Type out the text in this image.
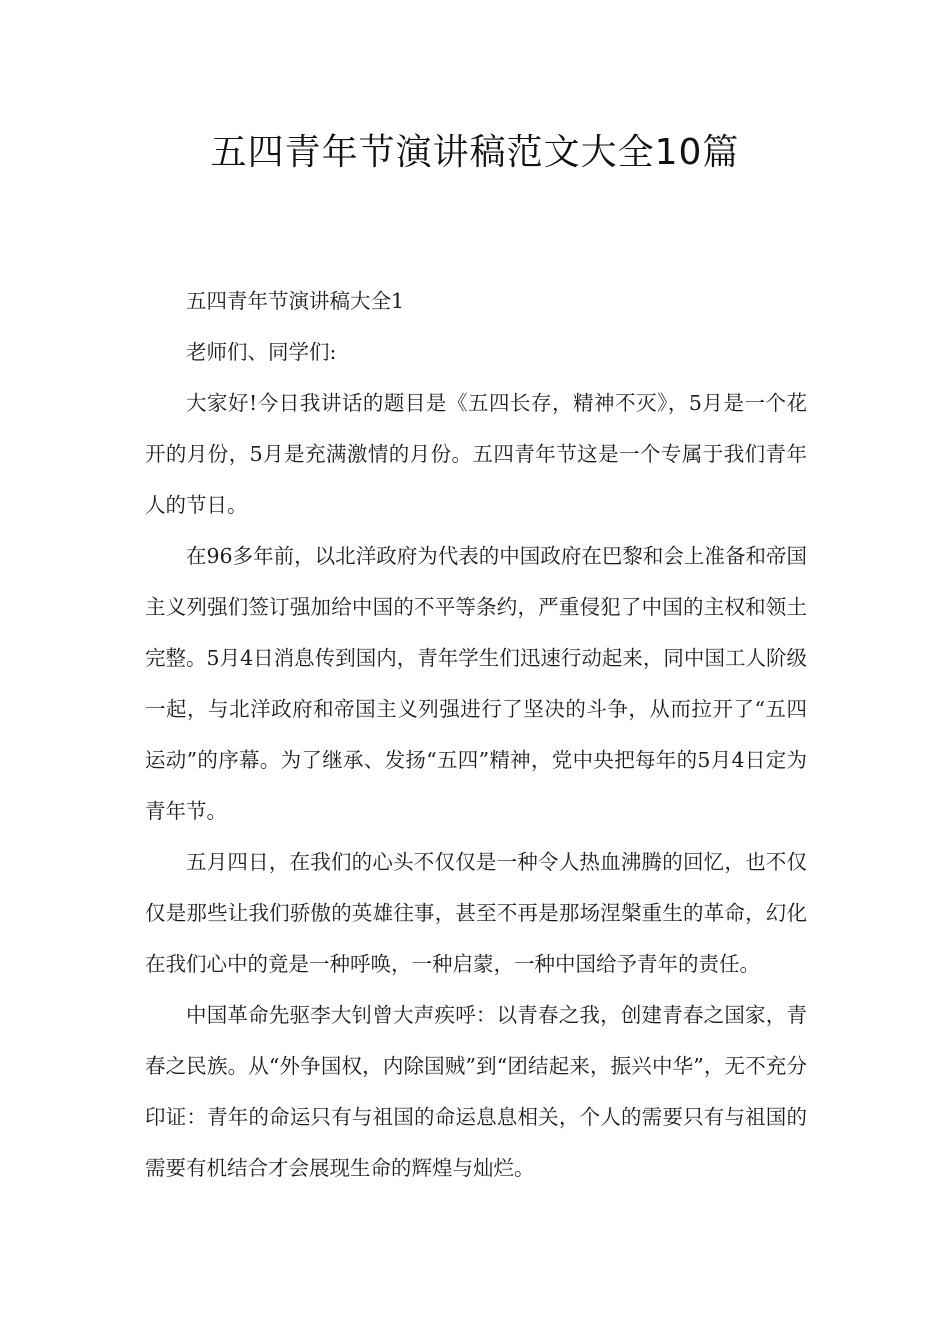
五四青年节演讲稿范文大全10篇

五四青年节演讲稿大全1

老师们、同学们:

大家好!今日我讲话的题目是《五四长存，精神不灭》，5月是一个花开的月份，5月是充满激情的月份。五四青年节这是一个专属于我们青年人的节日。

在96多年前，以北洋政府为代表的中国政府在巴黎和会上准备和帝国主义列强们签订强加给中国的不平等条约，严重侵犯了中国的主权和领土完整。5月4日消息传到国内，青年学生们迅速行动起来，同中国工人阶级一起，与北洋政府和帝国主义列强进行了坚决的斗争，从而拉开了“五四运动”的序幕。为了继承、发扬“五四”精神，党中央把每年的5月4日定为青年节。

五月四日，在我们的心头不仅仅是一种令人热血沸腾的回忆，也不仅仅是那些让我们骄傲的英雄往事，甚至不再是那场涅槃重生的革命，幻化在我们心中的竟是一种呼唤，一种启蒙，一种中国给予青年的责任。

中国革命先驱李大钊曾大声疾呼：以青春之我，创建青春之国家，青春之民族。从“外争国权，内除国贼”到“团结起来，振兴中华”，无不充分印证：青年的命运只有与祖国的命运息息相关，个人的需要只有与祖国的需要有机结合才会展现生命的辉煌与灿烂。
